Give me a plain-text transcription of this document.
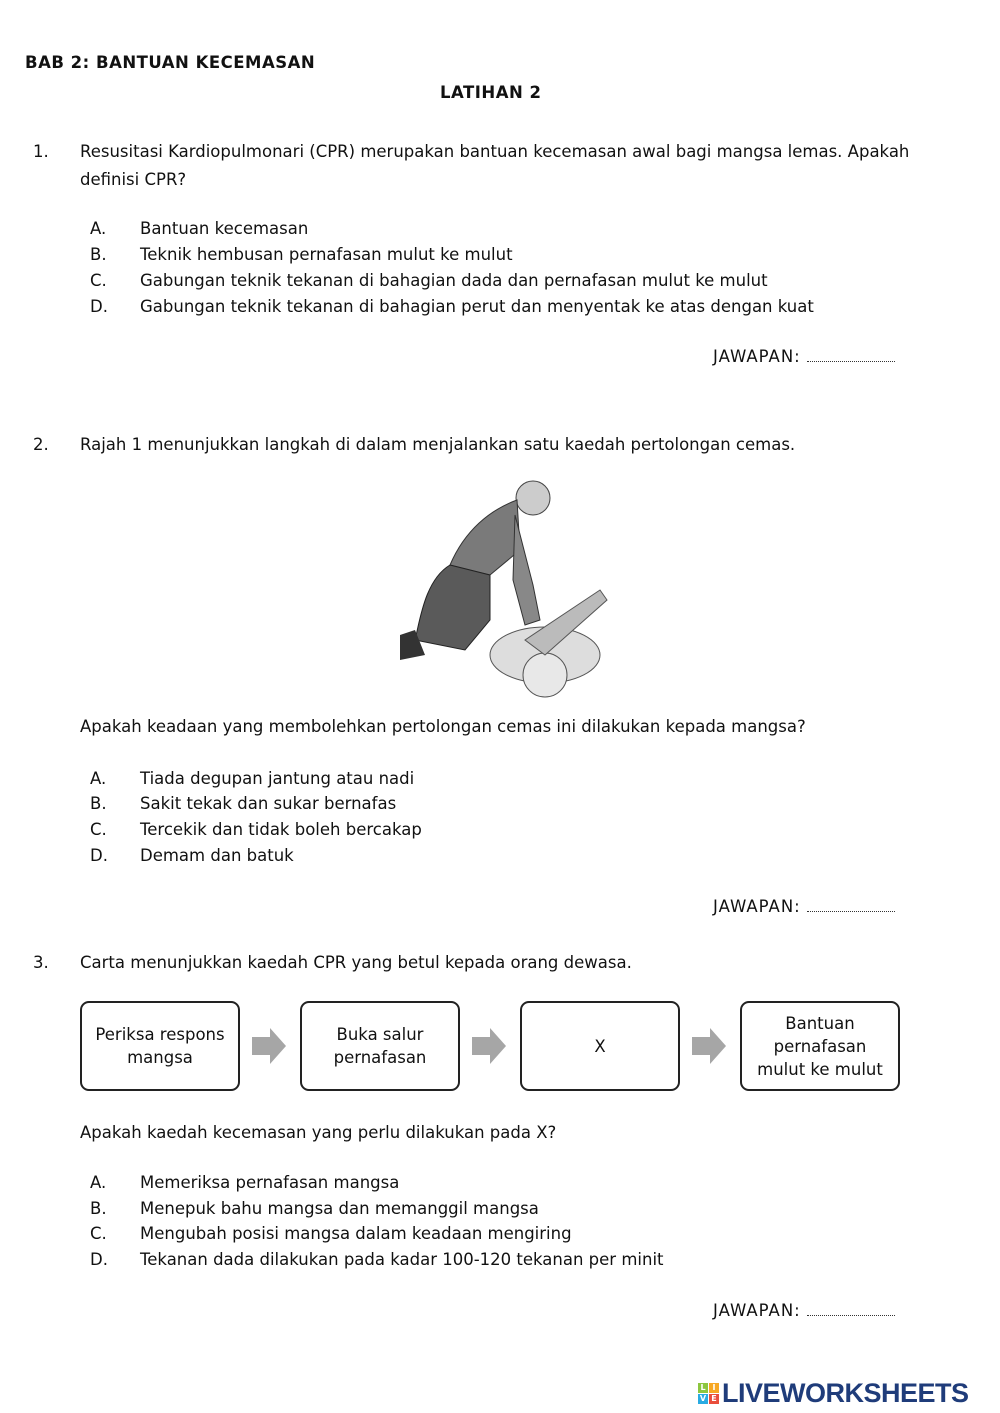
BAB 2: BANTUAN KECEMASAN
LATIHAN 2
1. Resusitasi Kardiopulmonari (CPR) merupakan bantuan kecemasan awal bagi mangsa lemas. Apakah
definisi CPR?
A. Bantuan kecemasan
B. Teknik hembusan pernafasan mulut ke mulut
C. Gabungan teknik tekanan di bahagian dada dan pernafasan mulut ke mulut
D. Gabungan teknik tekanan di bahagian perut dan menyentak ke atas dengan kuat
JAWAPAN:
2. Rajah 1 menunjukkan langkah di dalam menjalankan satu kaedah pertolongan cemas.
Apakah keadaan yang membolehkan pertolongan cemas ini dilakukan kepada mangsa?
A. Tiada degupan jantung atau nadi
B. Sakit tekak dan sukar bernafas
C. Tercekik dan tidak boleh bercakap
D. Demam dan batuk
JAWAPAN:
3. Carta menunjukkan kaedah CPR yang betul kepada orang dewasa.
Periksa respons
mangsa
Buka salur
pernafasan
X
Bantuan
pernafasan
mulut ke mulut
Apakah kaedah kecemasan yang perlu dilakukan pada X?
A. Memeriksa pernafasan mangsa
B. Menepuk bahu mangsa dan memanggil mangsa
C. Mengubah posisi mangsa dalam keadaan mengiring
D. Tekanan dada dilakukan pada kadar 100-120 tekanan per minit
JAWAPAN:
L I
V E LIVEWORKSHEETS
